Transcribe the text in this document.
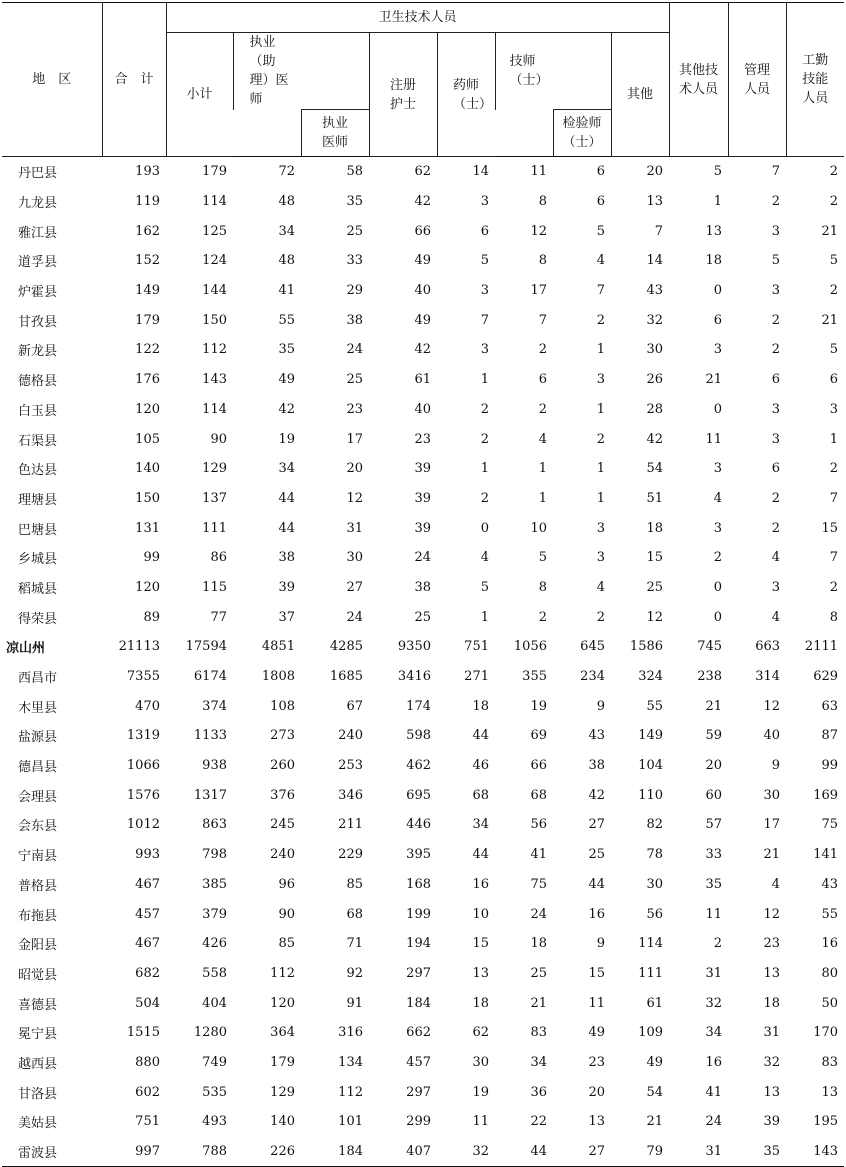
地　区	合　计	卫生技术人员								其他技术人员	管理人员	工勤技能人员

		小计	执业（助理）医师		注册护士	药师（士）	技师（士）		其他			

				执业医师				检验师（士）				

丹巴县	193	179	72	58	62	14	11	6	20	5	7	2
九龙县	119	114	48	35	42	3	8	6	13	1	2	2
雅江县	162	125	34	25	66	6	12	5	7	13	3	21
道孚县	152	124	48	33	49	5	8	4	14	18	5	5
炉霍县	149	144	41	29	40	3	17	7	43	0	3	2
甘孜县	179	150	55	38	49	7	7	2	32	6	2	21
新龙县	122	112	35	24	42	3	2	1	30	3	2	5
德格县	176	143	49	25	61	1	6	3	26	21	6	6
白玉县	120	114	42	23	40	2	2	1	28	0	3	3
石渠县	105	90	19	17	23	2	4	2	42	11	3	1
色达县	140	129	34	20	39	1	1	1	54	3	6	2
理塘县	150	137	44	12	39	2	1	1	51	4	2	7
巴塘县	131	111	44	31	39	0	10	3	18	3	2	15
乡城县	99	86	38	30	24	4	5	3	15	2	4	7
稻城县	120	115	39	27	38	5	8	4	25	0	3	2
得荣县	89	77	37	24	25	1	2	2	12	0	4	8
凉山州	21113	17594	4851	4285	9350	751	1056	645	1586	745	663	2111
西昌市	7355	6174	1808	1685	3416	271	355	234	324	238	314	629
木里县	470	374	108	67	174	18	19	9	55	21	12	63
盐源县	1319	1133	273	240	598	44	69	43	149	59	40	87
德昌县	1066	938	260	253	462	46	66	38	104	20	9	99
会理县	1576	1317	376	346	695	68	68	42	110	60	30	169
会东县	1012	863	245	211	446	34	56	27	82	57	17	75
宁南县	993	798	240	229	395	44	41	25	78	33	21	141
普格县	467	385	96	85	168	16	75	44	30	35	4	43
布拖县	457	379	90	68	199	10	24	16	56	11	12	55
金阳县	467	426	85	71	194	15	18	9	114	2	23	16
昭觉县	682	558	112	92	297	13	25	15	111	31	13	80
喜德县	504	404	120	91	184	18	21	11	61	32	18	50
冕宁县	1515	1280	364	316	662	62	83	49	109	34	31	170
越西县	880	749	179	134	457	30	34	23	49	16	32	83
甘洛县	602	535	129	112	297	19	36	20	54	41	13	13
美姑县	751	493	140	101	299	11	22	13	21	24	39	195
雷波县	997	788	226	184	407	32	44	27	79	31	35	143
